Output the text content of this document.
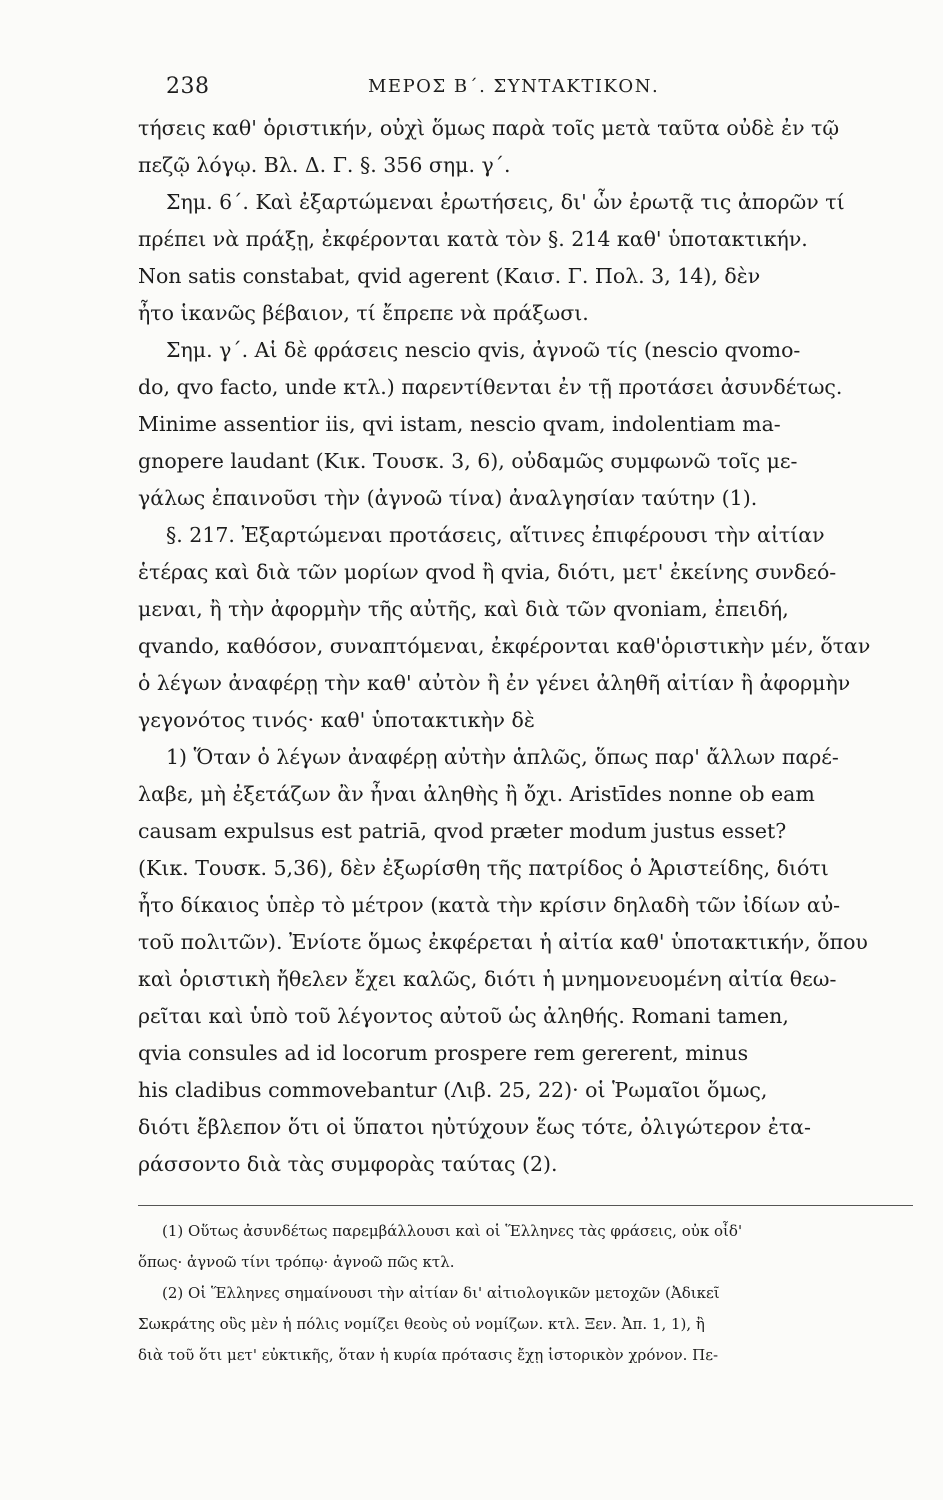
238	ΜΕΡΟΣ Β΄. ΣΥΝΤΑΚΤΙΚΟΝ.
τήσεις καθ' ὁριστικήν, οὐχὶ ὅμως παρὰ τοῖς μετὰ ταῦτα οὐδὲ ἐν τῷ
πεζῷ λόγῳ. Βλ. Δ. Γ. §. 356 σημ. γ΄.
Σημ. 6΄. Καὶ ἐξαρτώμεναι ἐρωτήσεις, δι' ὧν ἐρωτᾷ τις ἀπορῶν τί
πρέπει νὰ πράξῃ, ἐκφέρονται κατὰ τὸν §. 214 καθ' ὑποτακτικήν.
Non satis constabat, qvid agerent (Καισ. Γ. Πολ. 3, 14), δὲν
ἦτο ἱκανῶς βέβαιον, τί ἔπρεπε νὰ πράξωσι.
Σημ. γ΄. Αἱ δὲ φράσεις nescio qvis, ἀγνοῶ τίς (nescio qvomo-
do, qvo facto, unde κτλ.) παρεντίθενται ἐν τῇ προτάσει ἀσυνδέτως.
Minime assentior iis, qvi istam, nescio qvam, indolentiam ma-
gnopere laudant (Κικ. Τουσκ. 3, 6), οὐδαμῶς συμφωνῶ τοῖς με-
γάλως ἐπαινοῦσι τὴν (ἀγνοῶ τίνα) ἀναλγησίαν ταύτην (1).
§. 217. Ἐξαρτώμεναι προτάσεις, αἵτινες ἐπιφέρουσι τὴν αἰτίαν
ἑτέρας καὶ διὰ τῶν μορίων qvod ἢ qvia, διότι, μετ' ἐκείνης συνδεό-
μεναι, ἢ τὴν ἀφορμὴν τῆς αὐτῆς, καὶ διὰ τῶν qvoniam, ἐπειδή,
qvando, καθόσον, συναπτόμεναι, ἐκφέρονται καθ'ὁριστικὴν μέν, ὅταν
ὁ λέγων ἀναφέρῃ τὴν καθ' αὐτὸν ἢ ἐν γένει ἀληθῆ αἰτίαν ἢ ἀφορμὴν
γεγονότος τινός· καθ' ὑποτακτικὴν δὲ
1) Ὅταν ὁ λέγων ἀναφέρῃ αὐτὴν ἁπλῶς, ὅπως παρ' ἄλλων παρέ-
λαβε, μὴ ἐξετάζων ἂν ἦναι ἀληθὴς ἢ ὄχι. Aristīdes nonne ob eam
causam expulsus est patriā, qvod præter modum justus esset?
(Κικ. Τουσκ. 5,36), δὲν ἐξωρίσθη τῆς πατρίδος ὁ Ἀριστείδης, διότι
ἦτο δίκαιος ὑπὲρ τὸ μέτρον (κατὰ τὴν κρίσιν δηλαδὴ τῶν ἰδίων αὐ-
τοῦ πολιτῶν). Ἐνίοτε ὅμως ἐκφέρεται ἡ αἰτία καθ' ὑποτακτικήν, ὅπου
καὶ ὁριστικὴ ἤθελεν ἔχει καλῶς, διότι ἡ μνημονευομένη αἰτία θεω-
ρεῖται καὶ ὑπὸ τοῦ λέγοντος αὐτοῦ ὡς ἀληθής. Romani tamen,
qvia consules ad id locorum prospere rem gererent, minus
his cladibus commovebantur (Λιβ. 25, 22)· οἱ Ῥωμαῖοι ὅμως,
διότι ἔβλεπον ὅτι οἱ ὕπατοι ηὐτύχουν ἕως τότε, ὀλιγώτερον ἐτα-
ράσσοντο διὰ τὰς συμφορὰς ταύτας (2).
(1) Οὕτως ἀσυνδέτως παρεμβάλλουσι καὶ οἱ Ἕλληνες τὰς φράσεις, οὐκ οἶδ'
ὅπως· ἀγνοῶ τίνι τρόπῳ· ἀγνοῶ πῶς κτλ.
(2) Οἱ Ἕλληνες σημαίνουσι τὴν αἰτίαν δι' αἰτιολογικῶν μετοχῶν (Ἀδικεῖ
Σωκράτης οὓς μὲν ἡ πόλις νομίζει θεοὺς οὐ νομίζων. κτλ. Ξεν. Ἀπ. 1, 1), ἢ
διὰ τοῦ ὅτι μετ' εὐκτικῆς, ὅταν ἡ κυρία πρότασις ἔχῃ ἱστορικὸν χρόνον. Πε-
